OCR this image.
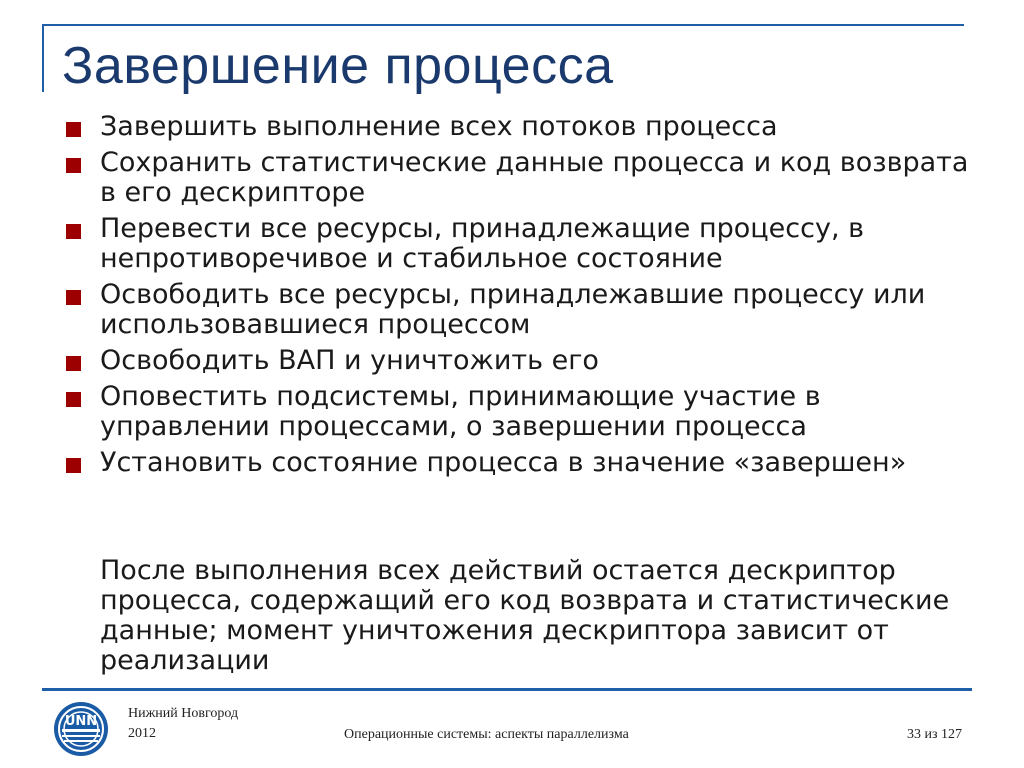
Завершение процесса
Завершить выполнение всех потоков процесса
Сохранить статистические данные процесса и код возврата в его дескрипторе
Перевести все ресурсы, принадлежащие процессу, в непротиворечивое и стабильное состояние
Освободить все ресурсы, принадлежавшие процессу или использовавшиеся процессом
Освободить ВАП и уничтожить его
Оповестить подсистемы, принимающие участие в управлении процессами, о завершении процесса
Установить состояние процесса в значение «завершен»

После выполнения всех действий остается дескриптор процесса, содержащий его код возврата и статистические данные; момент уничтожения дескриптора зависит от реализации

UNN
Нижний Новгород
2012	Операционные системы: аспекты параллелизма	33 из 127
